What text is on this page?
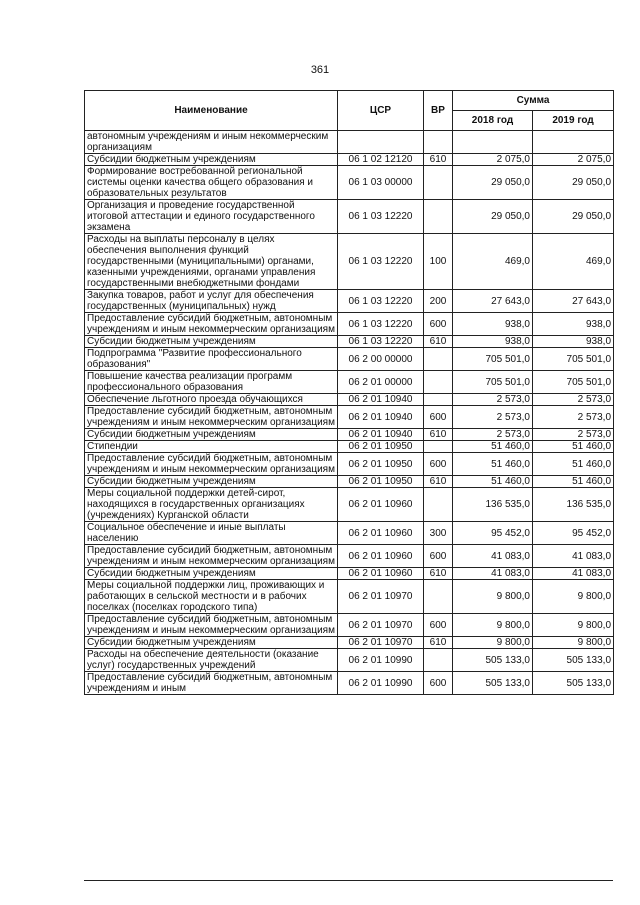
361
Наименование	ЦСР	ВР	Сумма	
			2018 год	2019 год
автономным учреждениям и иным некоммерческим организациям				
Субсидии бюджетным учреждениям	06 1 02 12120	610	2 075,0	2 075,0
Формирование востребованной региональной системы оценки качества общего образования и образовательных результатов	06 1 03 00000		29 050,0	29 050,0
Организация и проведение государственной итоговой аттестации и единого государственного экзамена	06 1 03 12220		29 050,0	29 050,0
Расходы на выплаты персоналу в целях обеспечения выполнения функций государственными (муниципальными) органами, казенными учреждениями, органами управления государственными внебюджетными фондами	06 1 03 12220	100	469,0	469,0
Закупка товаров, работ и услуг для обеспечения государственных (муниципальных) нужд	06 1 03 12220	200	27 643,0	27 643,0
Предоставление субсидий бюджетным, автономным учреждениям и иным некоммерческим организациям	06 1 03 12220	600	938,0	938,0
Субсидии бюджетным учреждениям	06 1 03 12220	610	938,0	938,0
Подпрограмма "Развитие профессионального образования"	06 2 00 00000		705 501,0	705 501,0
Повышение качества реализации программ профессионального образования	06 2 01 00000		705 501,0	705 501,0
Обеспечение льготного проезда обучающихся	06 2 01 10940		2 573,0	2 573,0
Предоставление субсидий бюджетным, автономным учреждениям и иным некоммерческим организациям	06 2 01 10940	600	2 573,0	2 573,0
Субсидии бюджетным учреждениям	06 2 01 10940	610	2 573,0	2 573,0
Стипендии	06 2 01 10950		51 460,0	51 460,0
Предоставление субсидий бюджетным, автономным учреждениям и иным некоммерческим организациям	06 2 01 10950	600	51 460,0	51 460,0
Субсидии бюджетным учреждениям	06 2 01 10950	610	51 460,0	51 460,0
Меры социальной поддержки детей-сирот, находящихся в государственных организациях (учреждениях) Курганской области	06 2 01 10960		136 535,0	136 535,0
Социальное обеспечение и иные выплаты населению	06 2 01 10960	300	95 452,0	95 452,0
Предоставление субсидий бюджетным, автономным учреждениям и иным некоммерческим организациям	06 2 01 10960	600	41 083,0	41 083,0
Субсидии бюджетным учреждениям	06 2 01 10960	610	41 083,0	41 083,0
Меры социальной поддержки лиц, проживающих и работающих в сельской местности и в рабочих поселках (поселках городского типа)	06 2 01 10970		9 800,0	9 800,0
Предоставление субсидий бюджетным, автономным учреждениям и иным некоммерческим организациям	06 2 01 10970	600	9 800,0	9 800,0
Субсидии бюджетным учреждениям	06 2 01 10970	610	9 800,0	9 800,0
Расходы на обеспечение деятельности (оказание услуг) государственных учреждений	06 2 01 10990		505 133,0	505 133,0
Предоставление субсидий бюджетным, автономным учреждениям и иным	06 2 01 10990	600	505 133,0	505 133,0
